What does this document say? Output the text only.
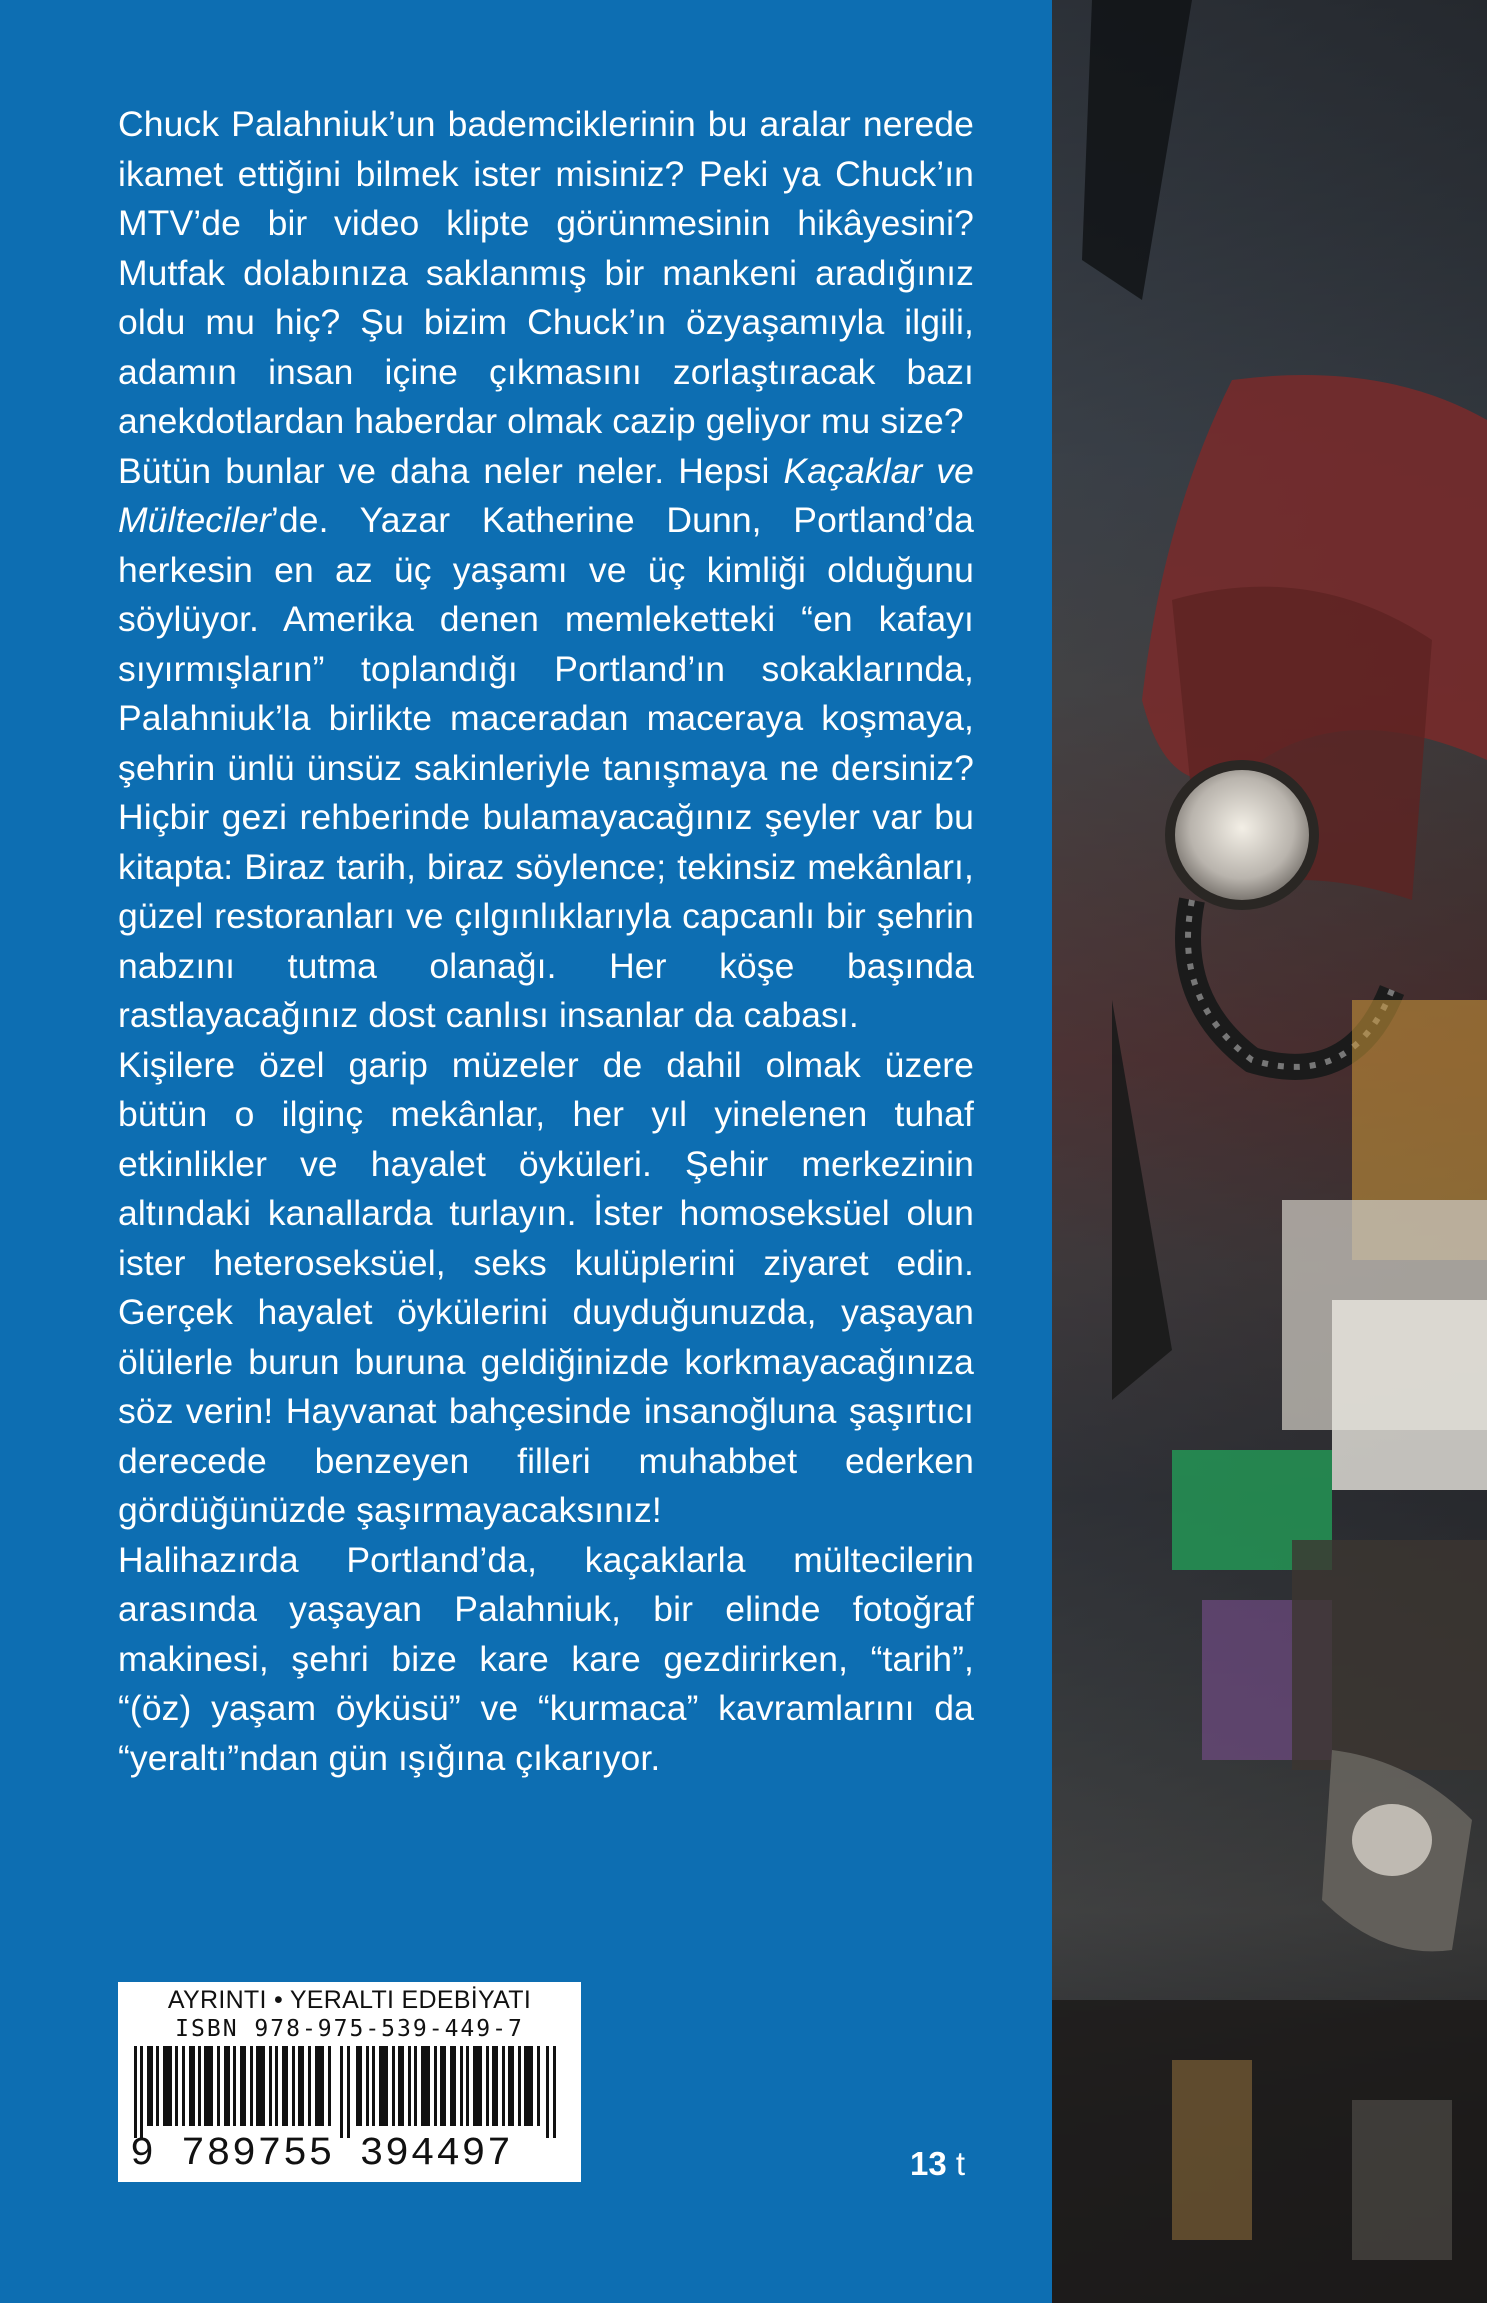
Chuck Palahniuk’un bademciklerinin bu aralar nerede ikamet ettiğini bilmek ister misiniz? Peki ya Chuck’ın MTV’de bir video klipte görünmesinin hikâyesini? Mutfak dolabınıza saklanmış bir mankeni aradığınız oldu mu hiç? Şu bizim Chuck’ın özyaşamıyla ilgili, adamın insan içine çıkmasını zorlaştıracak bazı anekdotlardan haberdar olmak cazip geliyor mu size?

Bütün bunlar ve daha neler neler. Hepsi Kaçaklar ve Mülteciler’de. Yazar Katherine Dunn, Portland’da herkesin en az üç yaşamı ve üç kimliği olduğunu söylüyor. Amerika denen memleketteki “en kafayı sıyırmışların” toplandığı Portland’ın sokaklarında, Palahniuk’la birlikte maceradan maceraya koşmaya, şehrin ünlü ünsüz sakinleriyle tanışmaya ne dersiniz? Hiçbir gezi rehberinde bulamayacağınız şeyler var bu kitapta: Biraz tarih, biraz söylence; tekinsiz mekânları, güzel restoranları ve çılgınlıklarıyla capcanlı bir şehrin nabzını tutma olanağı. Her köşe başında rastlayacağınız dost canlısı insanlar da cabası.

Kişilere özel garip müzeler de dahil olmak üzere bütün o ilginç mekânlar, her yıl yinelenen tuhaf etkinlikler ve hayalet öyküleri. Şehir merkezinin altındaki kanallarda turlayın. İster homoseksüel olun ister heteroseksüel, seks kulüplerini ziyaret edin. Gerçek hayalet öykülerini duyduğunuzda, yaşayan ölülerle burun buruna geldiğinizde korkmayacağınıza söz verin! Hayvanat bahçesinde insanoğluna şaşırtıcı derecede benzeyen filleri muhabbet ederken gördüğünüzde şaşırmayacaksınız!

Halihazırda Portland’da, kaçaklarla mültecilerin arasında yaşayan Palahniuk, bir elinde fotoğraf makinesi, şehri bize kare kare gezdirirken, “tarih”, “(öz) yaşam öyküsü” ve “kurmaca” kavramlarını da “yeraltı”ndan gün ışığına çıkarıyor.

AYRINTI • YERALTI EDEBİYATI
ISBN 978-975-539-449-7
9 789755 394497	13 t
